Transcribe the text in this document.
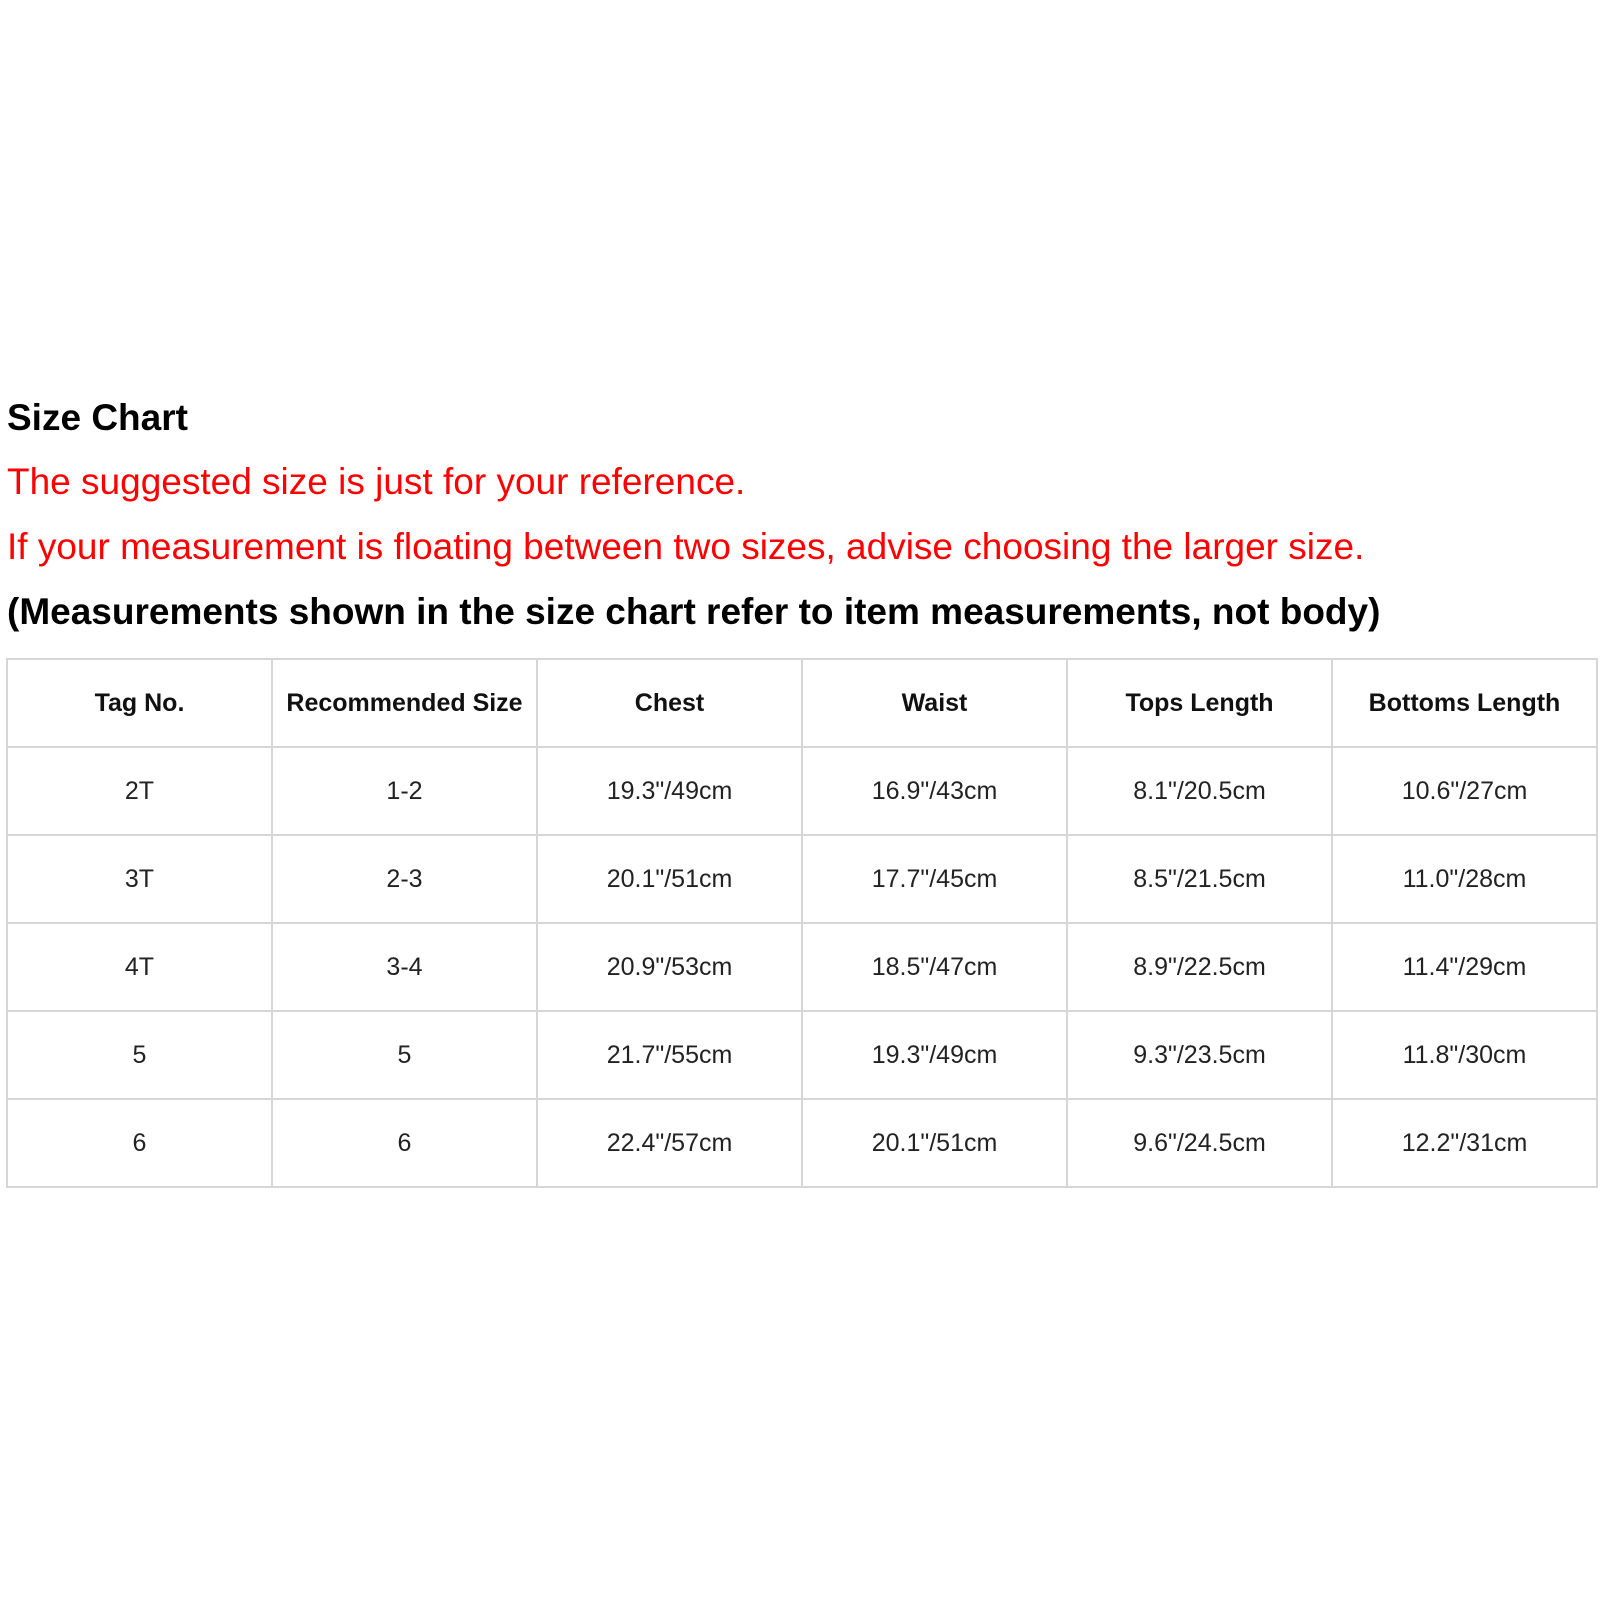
Size Chart
The suggested size is just for your reference.
If your measurement is floating between two sizes, advise choosing the larger size.
(Measurements shown in the size chart refer to item measurements, not body)
Tag No.	Recommended Size	Chest	Waist	Tops Length	Bottoms Length
2T	1-2	19.3"/49cm	16.9"/43cm	8.1"/20.5cm	10.6"/27cm
3T	2-3	20.1"/51cm	17.7"/45cm	8.5"/21.5cm	11.0"/28cm
4T	3-4	20.9"/53cm	18.5"/47cm	8.9"/22.5cm	11.4"/29cm
5	5	21.7"/55cm	19.3"/49cm	9.3"/23.5cm	11.8"/30cm
6	6	22.4"/57cm	20.1"/51cm	9.6"/24.5cm	12.2"/31cm
